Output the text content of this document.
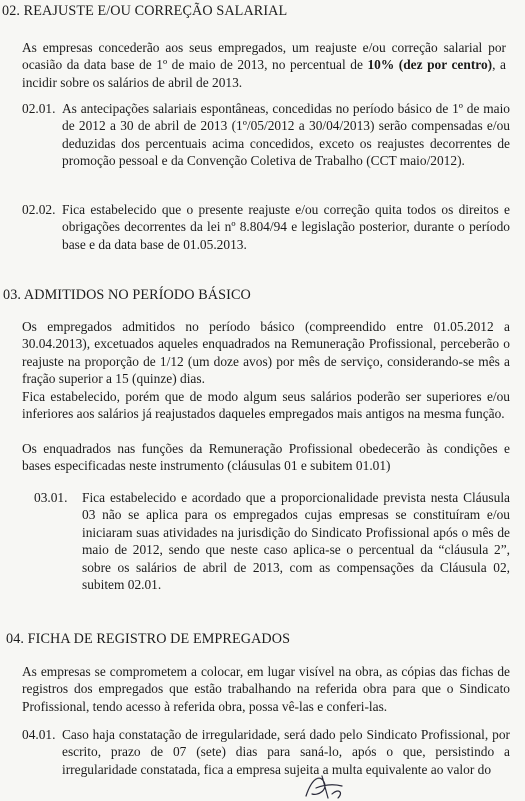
02. REAJUSTE E/OU CORREÇÃO SALARIAL
As empresas concederão aos seus empregados, um reajuste e/ou correção salarial por ocasião da data base de 1º de maio de 2013, no percentual de 10% (dez por centro), a incidir sobre os salários de abril de 2013.
02.01. As antecipações salariais espontâneas, concedidas no período básico de 1º de maio de 2012 a 30 de abril de 2013 (1º/05/2012 a 30/04/2013) serão compensadas e/ou deduzidas dos percentuais acima concedidos, exceto os reajustes decorrentes de promoção pessoal e da Convenção Coletiva de Trabalho (CCT maio/2012).
02.02. Fica estabelecido que o presente reajuste e/ou correção quita todos os direitos e obrigações decorrentes da lei nº 8.804/94 e legislação posterior, durante o período base e da data base de 01.05.2013.
03. ADMITIDOS NO PERÍODO BÁSICO
Os empregados admitidos no período básico (compreendido entre 01.05.2012 a 30.04.2013), excetuados aqueles enquadrados na Remuneração Profissional, perceberão o reajuste na proporção de 1/12 (um doze avos) por mês de serviço, considerando-se mês a fração superior a 15 (quinze) dias.
Fica estabelecido, porém que de modo algum seus salários poderão ser superiores e/ou inferiores aos salários já reajustados daqueles empregados mais antigos na mesma função.
Os enquadrados nas funções da Remuneração Profissional obedecerão às condições e bases especificadas neste instrumento (cláusulas 01 e subitem 01.01)
03.01. Fica estabelecido e acordado que a proporcionalidade prevista nesta Cláusula 03 não se aplica para os empregados cujas empresas se constituíram e/ou iniciaram suas atividades na jurisdição do Sindicato Profissional após o mês de maio de 2012, sendo que neste caso aplica-se o percentual da “cláusula 2”, sobre os salários de abril de 2013, com as compensações da Cláusula 02, subitem 02.01.
04. FICHA DE REGISTRO DE EMPREGADOS
As empresas se comprometem a colocar, em lugar visível na obra, as cópias das fichas de registros dos empregados que estão trabalhando na referida obra para que o Sindicato Profissional, tendo acesso à referida obra, possa vê-las e conferi-las.
04.01. Caso haja constatação de irregularidade, será dado pelo Sindicato Profissional, por escrito, prazo de 07 (sete) dias para saná-lo, após o que, persistindo a irregularidade constatada, fica a empresa sujeita a multa equivalente ao valor do
